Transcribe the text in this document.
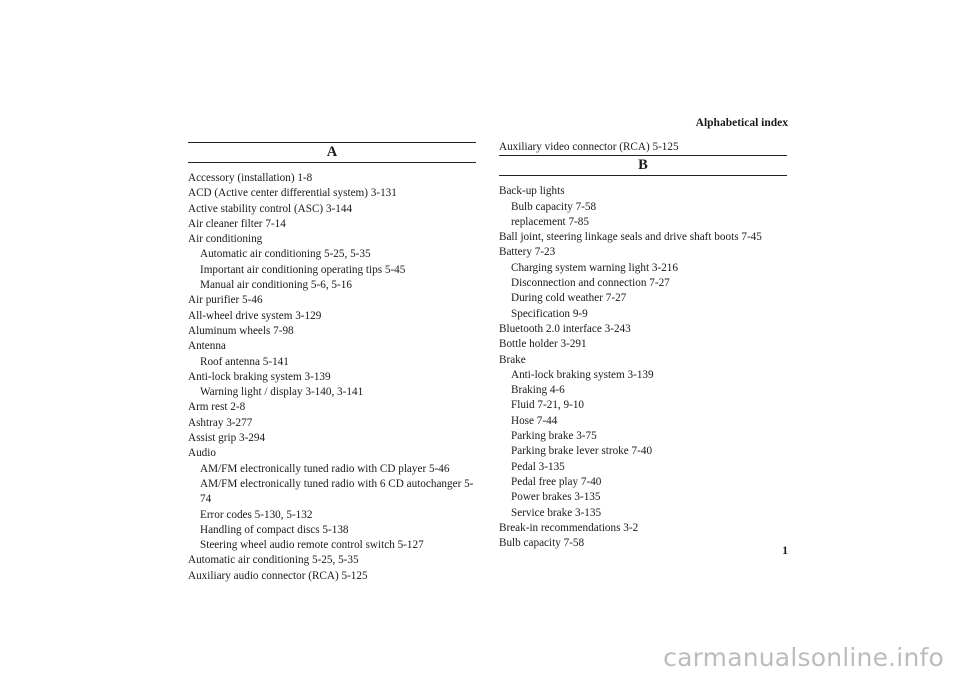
Alphabetical index
A
Accessory (installation) 1-8
ACD (Active center differential system) 3-131
Active stability control (ASC) 3-144
Air cleaner filter 7-14
Air conditioning
Automatic air conditioning 5-25, 5-35
Important air conditioning operating tips 5-45
Manual air conditioning 5-6, 5-16
Air purifier 5-46
All-wheel drive system 3-129
Aluminum wheels 7-98
Antenna
Roof antenna 5-141
Anti-lock braking system 3-139
Warning light / display 3-140, 3-141
Arm rest 2-8
Ashtray 3-277
Assist grip 3-294
Audio
AM/FM electronically tuned radio with CD player 5-46
AM/FM electronically tuned radio with 6 CD autochanger 5-
74
Error codes 5-130, 5-132
Handling of compact discs 5-138
Steering wheel audio remote control switch 5-127
Automatic air conditioning 5-25, 5-35
Auxiliary audio connector (RCA) 5-125
Auxiliary video connector (RCA) 5-125
B
Back-up lights
Bulb capacity 7-58
replacement 7-85
Ball joint, steering linkage seals and drive shaft boots 7-45
Battery 7-23
Charging system warning light 3-216
Disconnection and connection 7-27
During cold weather 7-27
Specification 9-9
Bluetooth 2.0 interface 3-243
Bottle holder 3-291
Brake
Anti-lock braking system 3-139
Braking 4-6
Fluid 7-21, 9-10
Hose 7-44
Parking brake 3-75
Parking brake lever stroke 7-40
Pedal 3-135
Pedal free play 7-40
Power brakes 3-135
Service brake 3-135
Break-in recommendations 3-2
Bulb capacity 7-58
1
carmanualsonline.info
